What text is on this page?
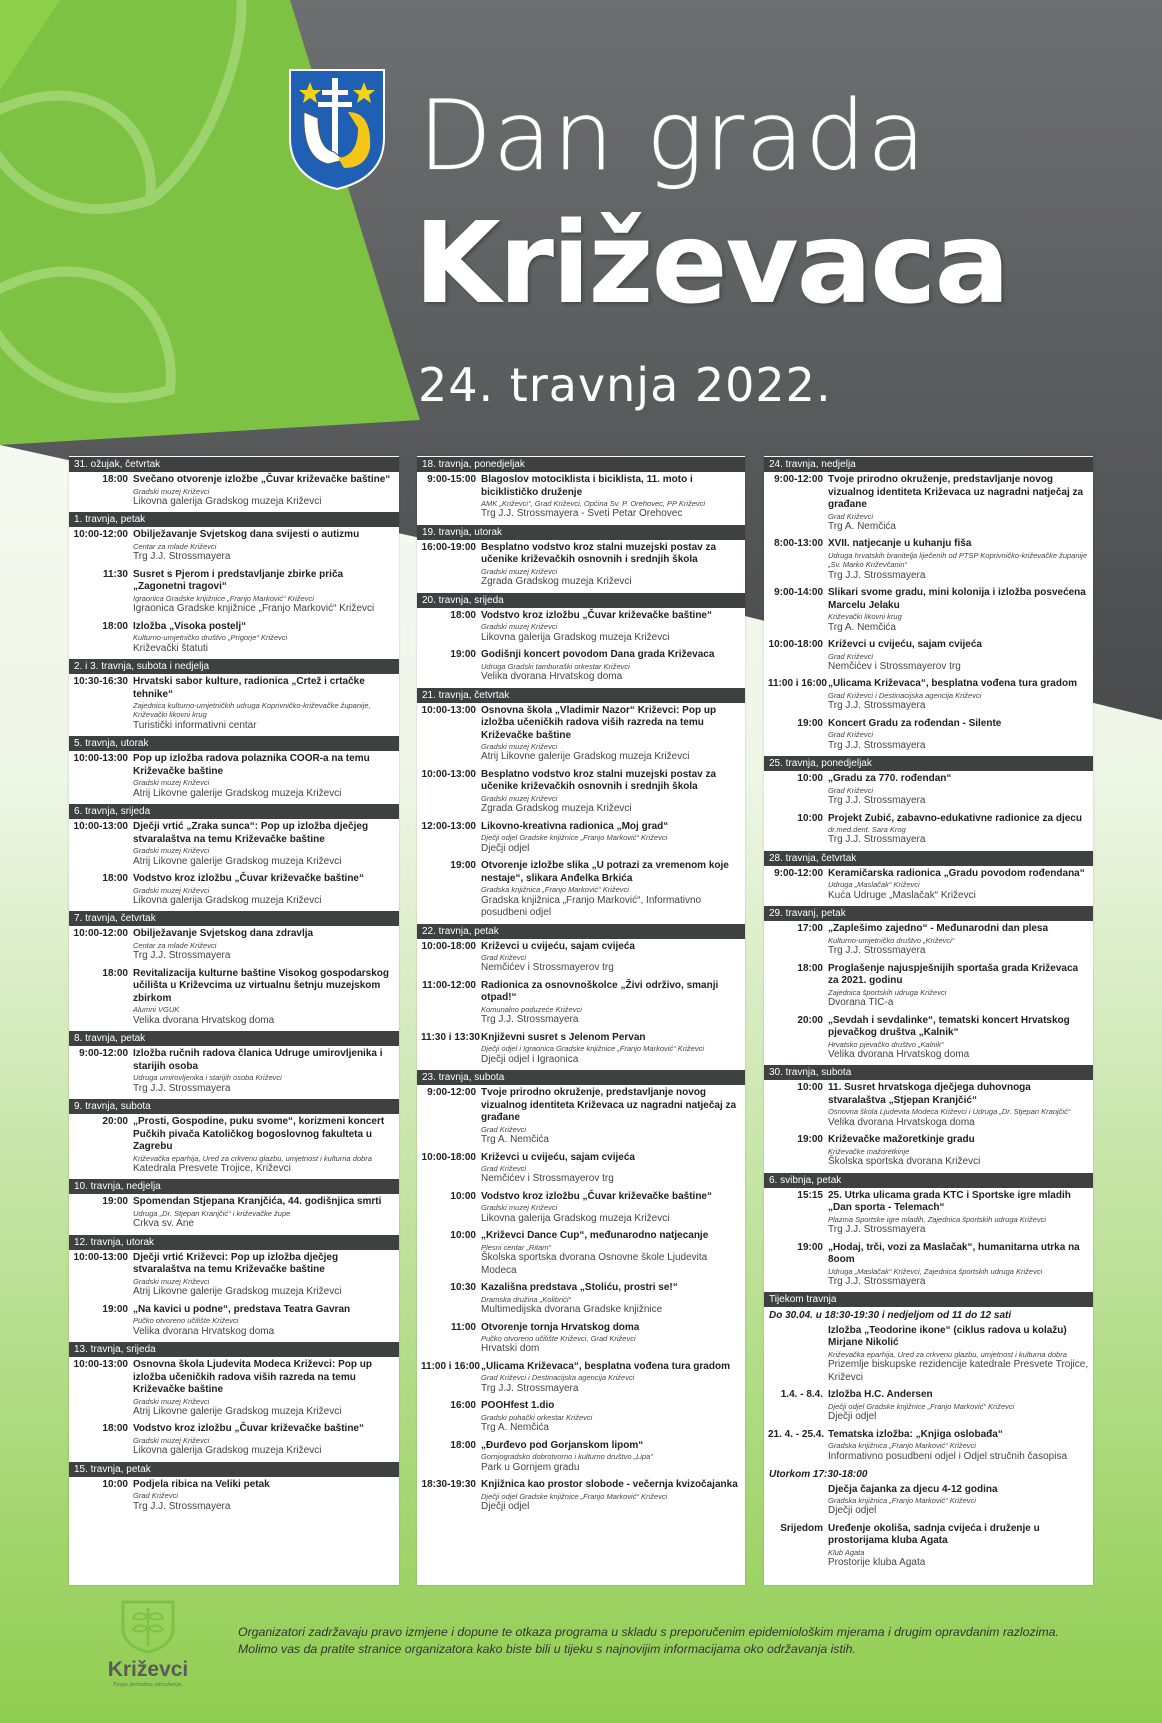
Dan grada
Križevaca
24. travnja 2022.
31. ožujak, četvrtak
18:00 Svečano otvorenje izložbe „Čuvar križevačke baštine“
Gradski muzej Križevci
Likovna galerija Gradskog muzeja Križevci
1. travnja, petak
10:00-12:00 Obilježavanje Svjetskog dana svijesti o autizmu
Centar za mlade Križevci
Trg J.J. Strossmayera
11:30 Susret s Pjerom i predstavljanje zbirke priča „Zagonetni tragovi“
Igraonica Gradske knjižnice „Franjo Marković“ Križevci
Igraonica Gradske knjižnice „Franjo Marković“ Križevci
18:00 Izložba „Visoka postelj“
Kulturno-umjetničko društvo „Prigorje“ Križevci
Križevački štatuti
2. i 3. travnja, subota i nedjelja
10:30-16:30 Hrvatski sabor kulture, radionica „Crtež i crtačke tehnike“
Zajednica kulturno-umjetničkih udruga Koprivničko-križevačke županije, Križevački likovni krug
Turistički informativni centar
5. travnja, utorak
10:00-13:00 Pop up izložba radova polaznika COOR-a na temu Križevačke baštine
Gradski muzej Križevci
Atrij Likovne galerije Gradskog muzeja Križevci
6. travnja, srijeda
10:00-13:00 Dječji vrtić „Zraka sunca“: Pop up izložba dječjeg stvaralaštva na temu Križevačke baštine
Gradski muzej Križevci
Atrij Likovne galerije Gradskog muzeja Križevci
18:00 Vodstvo kroz izložbu „Čuvar križevačke baštine“
Gradski muzej Križevci
Likovna galerija Gradskog muzeja Križevci
7. travnja, četvrtak
10:00-12:00 Obilježavanje Svjetskog dana zdravlja
Centar za mlade Križevci
Trg J.J. Strossmayera
18:00 Revitalizacija kulturne baštine Visokog gospodarskog učilišta u Križevcima uz virtualnu šetnju muzejskom zbirkom
Alumni VGUK
Velika dvorana Hrvatskog doma
8. travnja, petak
9:00-12:00 Izložba ručnih radova članica Udruge umirovljenika i starijih osoba
Udruga umirovljenika i starijih osoba Križevci
Trg J.J. Strossmayera
9. travnja, subota
20:00 „Prosti, Gospodine, puku svome“, korizmeni koncert Pučkih pivača Katoličkog bogoslovnog fakulteta u Zagrebu
Križevačka eparhija, Ured za crkvenu glazbu, umjetnost i kulturna dobra
Katedrala Presvete Trojice, Križevci
10. travnja, nedjelja
19:00 Spomendan Stjepana Kranjčića, 44. godišnjica smrti
Udruga „Dr. Stjepan Kranjčić“ i križevačke župe
Crkva sv. Ane
12. travnja, utorak
10:00-13:00 Dječji vrtić Križevci: Pop up izložba dječjeg stvaralaštva na temu Križevačke baštine
Gradski muzej Križevci
Atrij Likovne galerije Gradskog muzeja Križevci
19:00 „Na kavici u podne“, predstava Teatra Gavran
Pučko otvoreno učilište Križevci
Velika dvorana Hrvatskog doma
13. travnja, srijeda
10:00-13:00 Osnovna škola Ljudevita Modeca Križevci: Pop up izložba učeničkih radova viših razreda na temu Križevačke baštine
Gradski muzej Križevci
Atrij Likovne galerije Gradskog muzeja Križevci
18:00 Vodstvo kroz izložbu „Čuvar križevačke baštine“
Gradski muzej Križevci
Likovna galerija Gradskog muzeja Križevci
15. travnja, petak
10:00 Podjela ribica na Veliki petak
Grad Križevci
Trg J.J. Strossmayera
18. travnja, ponedjeljak
9:00-15:00 Blagoslov motociklista i biciklista, 11. moto i biciklističko druženje
AMK „Križevci“, Grad Križevci, Općina Sv. P. Orehovec, PP Križevci
Trg J.J. Strossmayera - Sveti Petar Orehovec
19. travnja, utorak
16:00-19:00 Besplatno vodstvo kroz stalni muzejski postav za učenike križevačkih osnovnih i srednjih škola
Gradski muzej Križevci
Zgrada Gradskog muzeja Križevci
20. travnja, srijeda
18:00 Vodstvo kroz izložbu „Čuvar križevačke baštine“
Gradski muzej Križevci
Likovna galerija Gradskog muzeja Križevci
19:00 Godišnji koncert povodom Dana grada Križevaca
Udruga Gradski tamburaški orkestar Križevci
Velika dvorana Hrvatskog doma
21. travnja, četvrtak
10:00-13:00 Osnovna škola „Vladimir Nazor“ Križevci: Pop up izložba učeničkih radova viših razreda na temu Križevačke baštine
Gradski muzej Križevci
Atrij Likovne galerije Gradskog muzeja Križevci
10:00-13:00 Besplatno vodstvo kroz stalni muzejski postav za učenike križevačkih osnovnih i srednjih škola
Gradski muzej Križevci
Zgrada Gradskog muzeja Križevci
12:00-13:00 Likovno-kreativna radionica „Moj grad“
Dječji odjel Gradske knjižnice „Franjo Marković“ Križevci
Dječji odjel
19:00 Otvorenje izložbe slika „U potrazi za vremenom koje nestaje“, slikara Anđelka Brkića
Gradska knjižnica „Franjo Marković“ Križevci
Gradska knjižnica „Franjo Marković“, Informativno posudbeni odjel
22. travnja, petak
10:00-18:00 Križevci u cvijeću, sajam cvijeća
Grad Križevci
Nemčićev i Strossmayerov trg
11:00-12:00 Radionica za osnovnoškolce „Živi održivo, smanji otpad!“
Komunalno poduzeće Križevci
Trg J.J. Strossmayera
11:30 i 13:30 Književni susret s Jelenom Pervan
Dječji odjel i Igraonica Gradske knjižnice „Franjo Marković“ Križevci
Dječji odjel i Igraonica
23. travnja, subota
9:00-12:00 Tvoje prirodno okruženje, predstavljanje novog vizualnog identiteta Križevaca uz nagradni natječaj za građane
Grad Križevci
Trg A. Nemčića
10:00-18:00 Križevci u cvijeću, sajam cvijeća
Grad Križevci
Nemčićev i Strossmayerov trg
10:00 Vodstvo kroz izložbu „Čuvar križevačke baštine“
Gradski muzej Križevci
Likovna galerija Gradskog muzeja Križevci
10:00 „Križevci Dance Cup“, međunarodno natjecanje
Plesni centar „Ritam“
Školska sportska dvorana Osnovne škole Ljudevita Modeca
10:30 Kazališna predstava „Stoliću, prostri se!“
Dramska družina „Kolibrići“
Multimedijska dvorana Gradske knjižnice
11:00 Otvorenje tornja Hrvatskog doma
Pučko otvoreno učilište Križevci, Grad Križevci
Hrvatski dom
11:00 i 16:00 „Ulicama Križevaca“, besplatna vođena tura gradom
Grad Križevci i Destinacijska agencija Križevci
Trg J.J. Strossmayera
16:00 POOHfest 1.dio
Gradski puhački orkestar Križevci
Trg A. Nemčića
18:00 „Đurđevo pod Gorjanskom lipom“
Gornjogradsko dobrotvorno i kulturno društvo „Lipa“
Park u Gornjem gradu
18:30-19:30 Knjižnica kao prostor slobode - večernja kvizočajanka
Dječji odjel Gradske knjižnice „Franjo Marković“ Križevci
Dječji odjel
24. travnja, nedjelja
9:00-12:00 Tvoje prirodno okruženje, predstavljanje novog vizualnog identiteta Križevaca uz nagradni natječaj za građane
Grad Križevci
Trg A. Nemčića
8:00-13:00 XVII. natjecanje u kuhanju fiša
Udruga hrvatskih branitelja liječenih od PTSP Koprivničko-križevačke županije „Sv. Marko Križevčanin“
Trg J.J. Strossmayera
9:00-14:00 Slikari svome gradu, mini kolonija i izložba posvećena Marcelu Jelaku
Križevački likovni krug
Trg A. Nemčića
10:00-18:00 Križevci u cvijeću, sajam cvijeća
Grad Križevci
Nemčićev i Strossmayerov trg
11:00 i 16:00 „Ulicama Križevaca“, besplatna vođena tura gradom
Grad Križevci i Destinacijska agencija Križevci
Trg J.J. Strossmayera
19:00 Koncert Gradu za rođendan - Silente
Grad Križevci
Trg J.J. Strossmayera
25. travnja, ponedjeljak
10:00 „Gradu za 770. rođendan“
Grad Križevci
Trg J.J. Strossmayera
10:00 Projekt Zubić, zabavno-edukativne radionice za djecu
dr.med.dent. Sara Krog
Trg J.J. Strossmayera
28. travnja, četvrtak
9:00-12:00 Keramičarska radionica „Gradu povodom rođendana“
Udruga „Maslačak“ Križevci
Kuća Udruge „Maslačak“ Križevci
29. travanj, petak
17:00 „Zaplešimo zajedno“ - Međunarodni dan plesa
Kulturno-umjetničko društvo „Križevci“
Trg J.J. Strossmayera
18:00 Proglašenje najuspješnijih sportaša grada Križevaca za 2021. godinu
Zajednica športskih udruga Križevci
Dvorana TIC-a
20:00 „Sevdah i sevdalinke“, tematski koncert Hrvatskog pjevačkog društva „Kalnik“
Hrvatsko pjevačko društvo „Kalnik“
Velika dvorana Hrvatskog doma
30. travnja, subota
10:00 11. Susret hrvatskoga dječjega duhovnoga stvaralaštva „Stjepan Kranjčić“
Osnovna škola Ljudevita Modeca Križevci i Udruga „Dr. Stjepan Kranjčić“
Velika dvorana Hrvatskoga doma
19:00 Križevačke mažoretkinje gradu
Križevačke mažoretkinje
Školska sportska dvorana Križevci
6. svibnja, petak
15:15 25. Utrka ulicama grada KTC i Sportske igre mladih „Dan sporta - Telemach“
Plazma Sportske igre mladih, Zajednica športskih udruga Križevci
Trg J.J. Strossmayera
19:00 „Hodaj, trči, vozi za Maslačak“, humanitarna utrka na 8oom
Udruga „Maslačak“ Križevci, Zajednica športskih udruga Križevci
Trg J.J. Strossmayera
Tijekom travnja
Do 30.04. u 18:30-19:30 i nedjeljom od 11 do 12 sati
Izložba „Teodorine ikone“ (ciklus radova u kolažu) Mirjane Nikolić
Križevačka eparhija, Ured za crkvenu glazbu, umjetnost i kulturna dobra
Prizemlje biskupske rezidencije katedrale Presvete Trojice, Križevci
1.4. - 8.4. Izložba H.C. Andersen
Dječji odjel Gradske knjižnice „Franjo Marković“ Križevci
Dječji odjel
21. 4. - 25.4. Tematska izložba: „Knjiga oslobađa“
Gradska knjižnica „Franjo Marković“ Križevci
Informativno posudbeni odjel i Odjel stručnih časopisa
Utorkom 17:30-18:00
Dječja čajanka za djecu 4-12 godina
Gradska knjižnica „Franjo Marković“ Križevci
Dječji odjel
Srijedom Uređenje okoliša, sadnja cvijeća i druženje u prostorijama kluba Agata
Klub Agata
Prostorije kluba Agata
Križevci
Tvoje prirodno okruženje.
Organizatori zadržavaju pravo izmjene i dopune te otkaza programa u skladu s preporučenim epidemiološkim mjerama i drugim opravdanim razlozima. Molimo vas da pratite stranice organizatora kako biste bili u tijeku s najnovijim informacijama oko održavanja istih.
